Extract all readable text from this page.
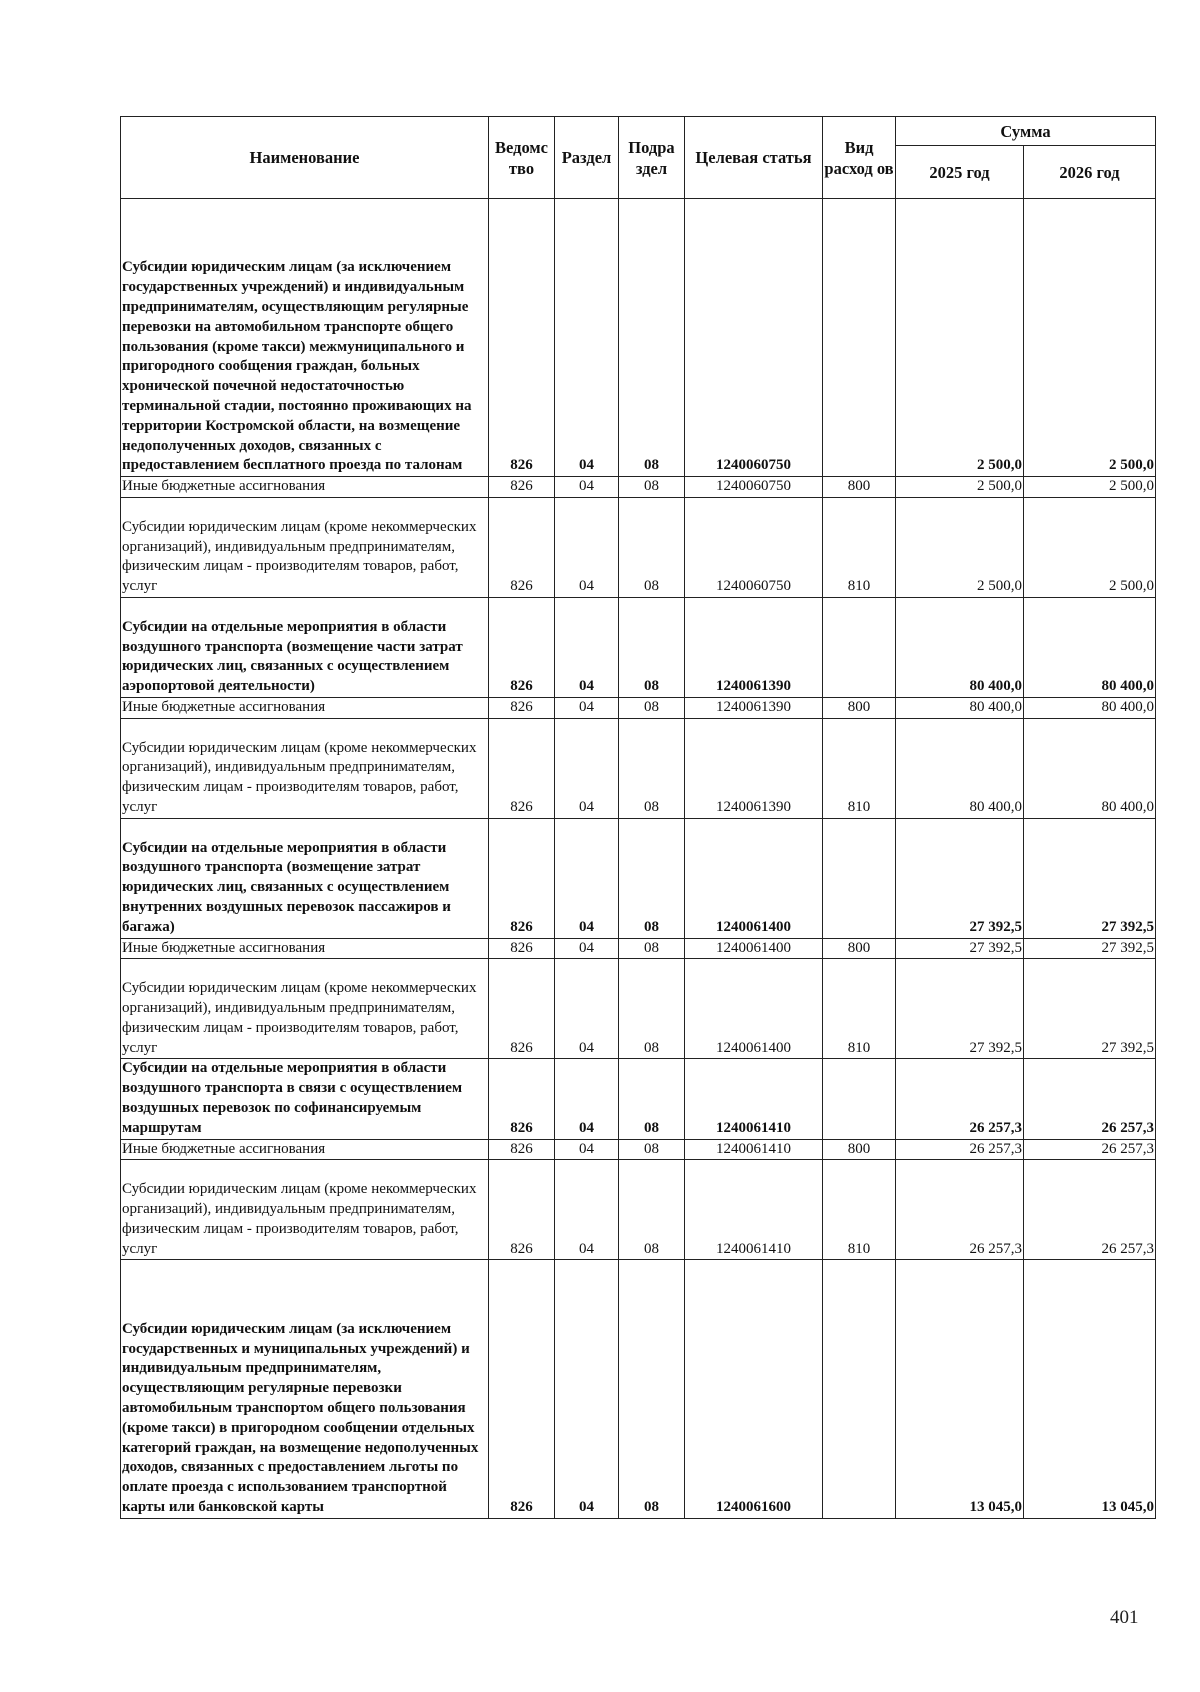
Наименование	Ведомс тво	Раздел	Подра здел	Целевая статья	Вид расход ов	Сумма	
						2025 год	2026 год
Субсидии юридическим лицам (за исключением государственных учреждений) и индивидуальным предпринимателям, осуществляющим регулярные перевозки на автомобильном транспорте общего пользования (кроме такси) межмуниципального и пригородного сообщения граждан, больных хронической почечной недостаточностью терминальной стадии, постоянно проживающих на территории Костромской области, на возмещение недополученных доходов, связанных с предоставлением бесплатного проезда по талонам	826	04	08	1240060750		2 500,0	2 500,0
Иные бюджетные ассигнования	826	04	08	1240060750	800	2 500,0	2 500,0
Субсидии юридическим лицам (кроме некоммерческих организаций), индивидуальным предпринимателям, физическим лицам - производителям товаров, работ, услуг	826	04	08	1240060750	810	2 500,0	2 500,0
Субсидии на отдельные мероприятия в области воздушного транспорта (возмещение части затрат юридических лиц, связанных с осуществлением аэропортовой деятельности)	826	04	08	1240061390		80 400,0	80 400,0
Иные бюджетные ассигнования	826	04	08	1240061390	800	80 400,0	80 400,0
Субсидии юридическим лицам (кроме некоммерческих организаций), индивидуальным предпринимателям, физическим лицам - производителям товаров, работ, услуг	826	04	08	1240061390	810	80 400,0	80 400,0
Субсидии на отдельные мероприятия в области воздушного транспорта (возмещение затрат юридических лиц, связанных с осуществлением внутренних воздушных перевозок пассажиров и багажа)	826	04	08	1240061400		27 392,5	27 392,5
Иные бюджетные ассигнования	826	04	08	1240061400	800	27 392,5	27 392,5
Субсидии юридическим лицам (кроме некоммерческих организаций), индивидуальным предпринимателям, физическим лицам - производителям товаров, работ, услуг	826	04	08	1240061400	810	27 392,5	27 392,5
Субсидии на отдельные мероприятия в области воздушного транспорта в связи с осуществлением воздушных перевозок по софинансируемым маршрутам	826	04	08	1240061410		26 257,3	26 257,3
Иные бюджетные ассигнования	826	04	08	1240061410	800	26 257,3	26 257,3
Субсидии юридическим лицам (кроме некоммерческих организаций), индивидуальным предпринимателям, физическим лицам - производителям товаров, работ, услуг	826	04	08	1240061410	810	26 257,3	26 257,3
Субсидии юридическим лицам (за исключением государственных и муниципальных учреждений) и индивидуальным предпринимателям, осуществляющим регулярные перевозки автомобильным транспортом общего пользования (кроме такси) в пригородном сообщении отдельных категорий граждан, на возмещение недополученных доходов, связанных с предоставлением льготы по оплате проезда с использованием транспортной карты или банковской карты	826	04	08	1240061600		13 045,0	13 045,0
401
